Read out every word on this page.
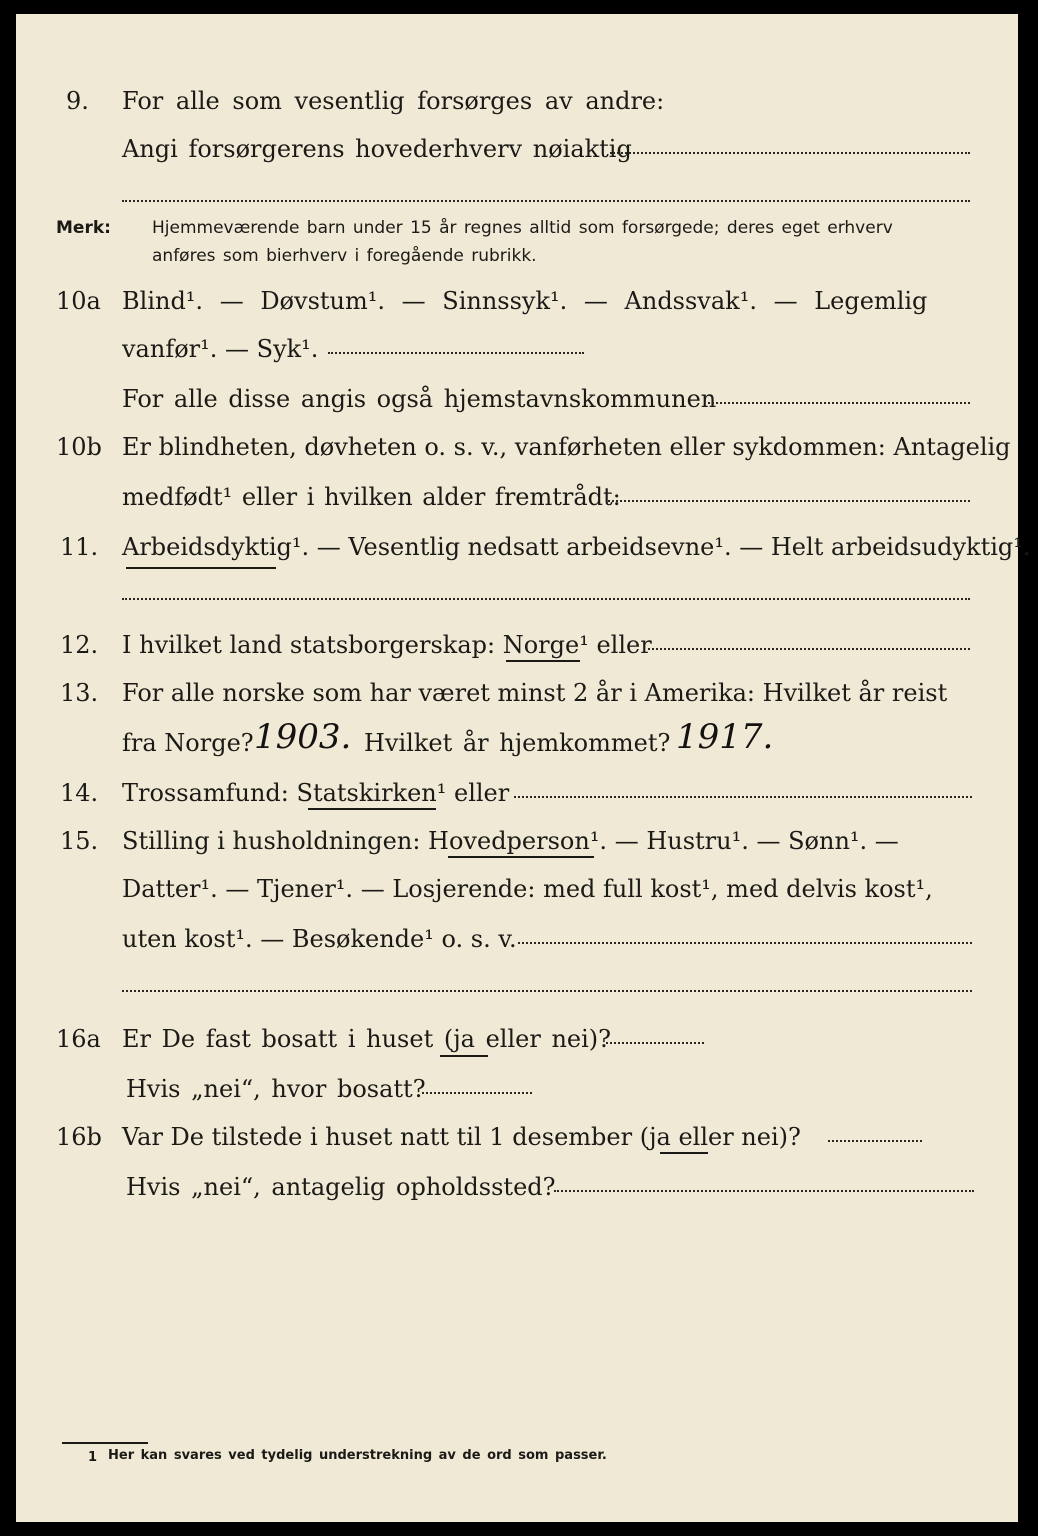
9. For alle som vesentlig forsørges av andre:
Angi forsørgerens hovederhverv nøiaktig
Merk: Hjemmeværende barn under 15 år regnes alltid som forsørgede; deres eget erhverv
anføres som bierhverv i foregående rubrikk.
10a Blind¹. — Døvstum¹. — Sinnssyk¹. — Andssvak¹. — Legemlig
vanfør¹. — Syk¹.
For alle disse angis også hjemstavnskommunen
10b Er blindheten, døvheten o. s. v., vanførheten eller sykdommen: Antagelig
medfødt¹ eller i hvilken alder fremtrådt:
11. Arbeidsdyktig¹. — Vesentlig nedsatt arbeidsevne¹. — Helt arbeidsudyktig¹.
12. I hvilket land statsborgerskap: Norge¹ eller
13. For alle norske som har været minst 2 år i Amerika: Hvilket år reist
fra Norge? 1903. Hvilket år hjemkommet? 1917.
14. Trossamfund: Statskirken¹ eller
15. Stilling i husholdningen: Hovedperson¹. — Hustru¹. — Sønn¹. —
Datter¹. — Tjener¹. — Losjerende: med full kost¹, med delvis kost¹,
uten kost¹. — Besøkende¹ o. s. v.
16a Er De fast bosatt i huset (ja eller nei)?
Hvis „nei“, hvor bosatt?
16b Var De tilstede i huset natt til 1 desember (ja eller nei)?
Hvis „nei“, antagelig opholdssted?
1 Her kan svares ved tydelig understrekning av de ord som passer.
